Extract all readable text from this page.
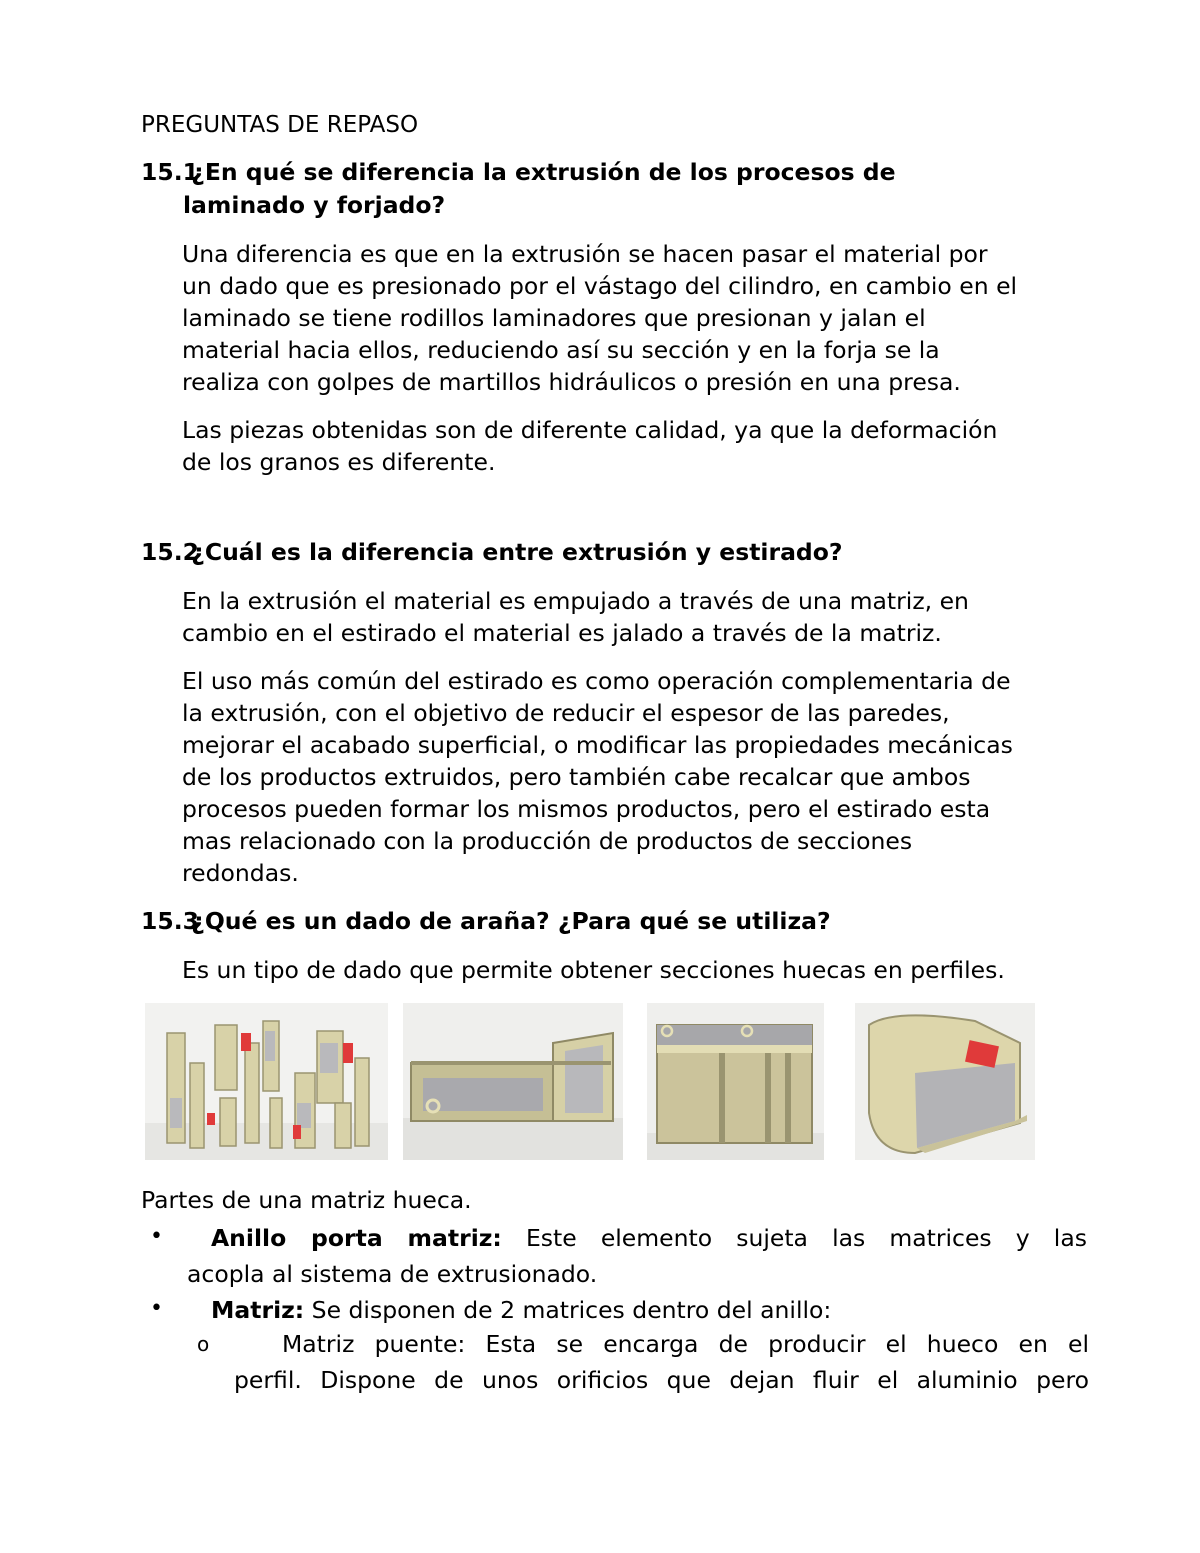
PREGUNTAS DE REPASO
15.1 ¿En qué se diferencia la extrusión de los procesos de
laminado y forjado?
Una diferencia es que en la extrusión se hacen pasar el material por
un dado que es presionado por el vástago del cilindro, en cambio en el
laminado se tiene rodillos laminadores que presionan y jalan el
material hacia ellos, reduciendo así su sección y en la forja se la
realiza con golpes de martillos hidráulicos o presión en una presa.
Las piezas obtenidas son de diferente calidad, ya que la deformación
de los granos es diferente.
15.2 ¿Cuál es la diferencia entre extrusión y estirado?
En la extrusión el material es empujado a través de una matriz, en
cambio en el estirado el material es jalado a través de la matriz.
El uso más común del estirado es como operación complementaria de
la extrusión, con el objetivo de reducir el espesor de las paredes,
mejorar el acabado superficial, o modificar las propiedades mecánicas
de los productos extruidos, pero también cabe recalcar que ambos
procesos pueden formar los mismos productos, pero el estirado esta
mas relacionado con la producción de productos de secciones
redondas.
15.3 ¿Qué es un dado de araña? ¿Para qué se utiliza?
Es un tipo de dado que permite obtener secciones huecas en perfiles.
Partes de una matriz hueca.
•	Anillo porta matriz: Este elemento sujeta las matrices y las
acopla al sistema de extrusionado.
• Matriz: Se disponen de 2 matrices dentro del anillo:
o	Matriz puente: Esta se encarga de producir el hueco en el
perfil. Dispone de unos orificios que dejan fluir el aluminio pero
